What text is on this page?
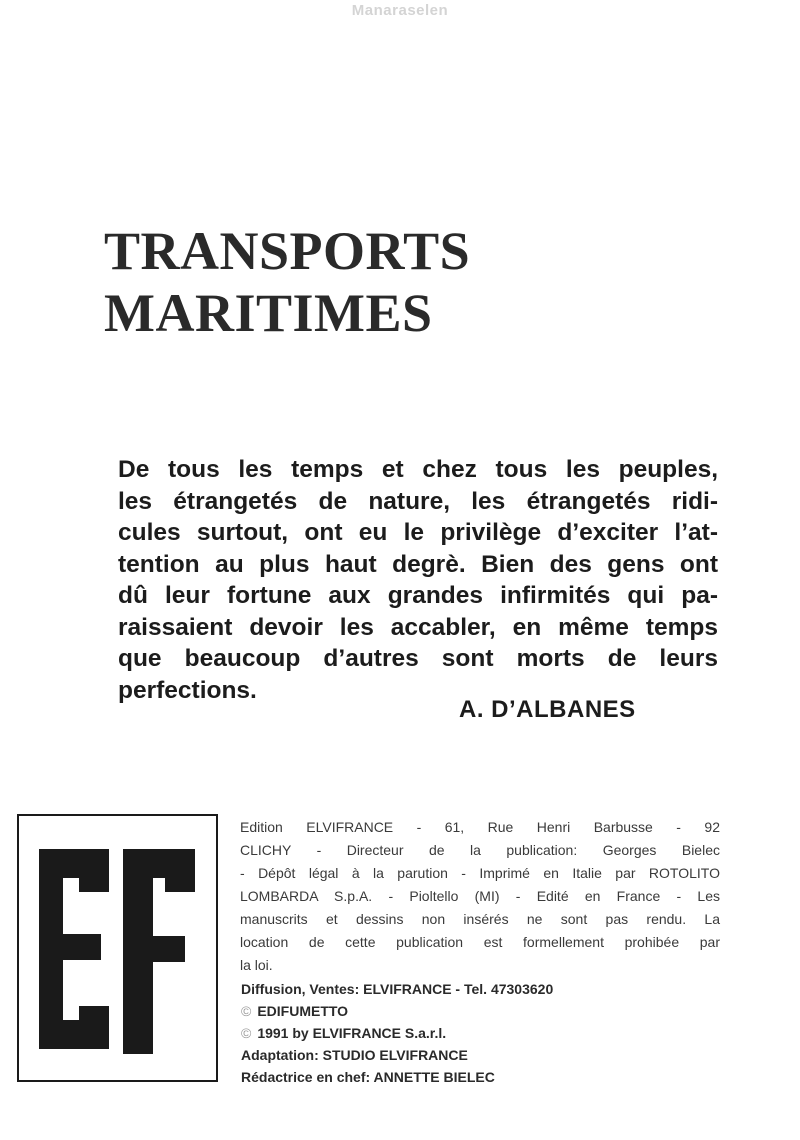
Manaraselen
TRANSPORTS
MARITIMES
De tous les temps et chez tous les peuples,
les étrangetés de nature, les étrangetés ridi-
cules surtout, ont eu le privilège d’exciter l’at-
tention au plus haut degrè. Bien des gens ont
dû leur fortune aux grandes infirmités qui pa-
raissaient devoir les accabler, en même temps
que beaucoup d’autres sont morts de leurs
perfections.
A. D’ALBANES
Edition ELVIFRANCE - 61, Rue Henri Barbusse - 92
CLICHY - Directeur de la publication: Georges Bielec
- Dépôt légal à la parution - Imprimé en Italie par ROTOLITO
LOMBARDA S.p.A. - Pioltello (MI) - Edité en France - Les
manuscrits et dessins non insérés ne sont pas rendu. La
location de cette publication est formellement prohibée par
la loi.
Diffusion, Ventes: ELVIFRANCE - Tel. 47303620
© EDIFUMETTO
© 1991 by ELVIFRANCE S.a.r.l.
Adaptation: STUDIO ELVIFRANCE
Rédactrice en chef: ANNETTE BIELEC
